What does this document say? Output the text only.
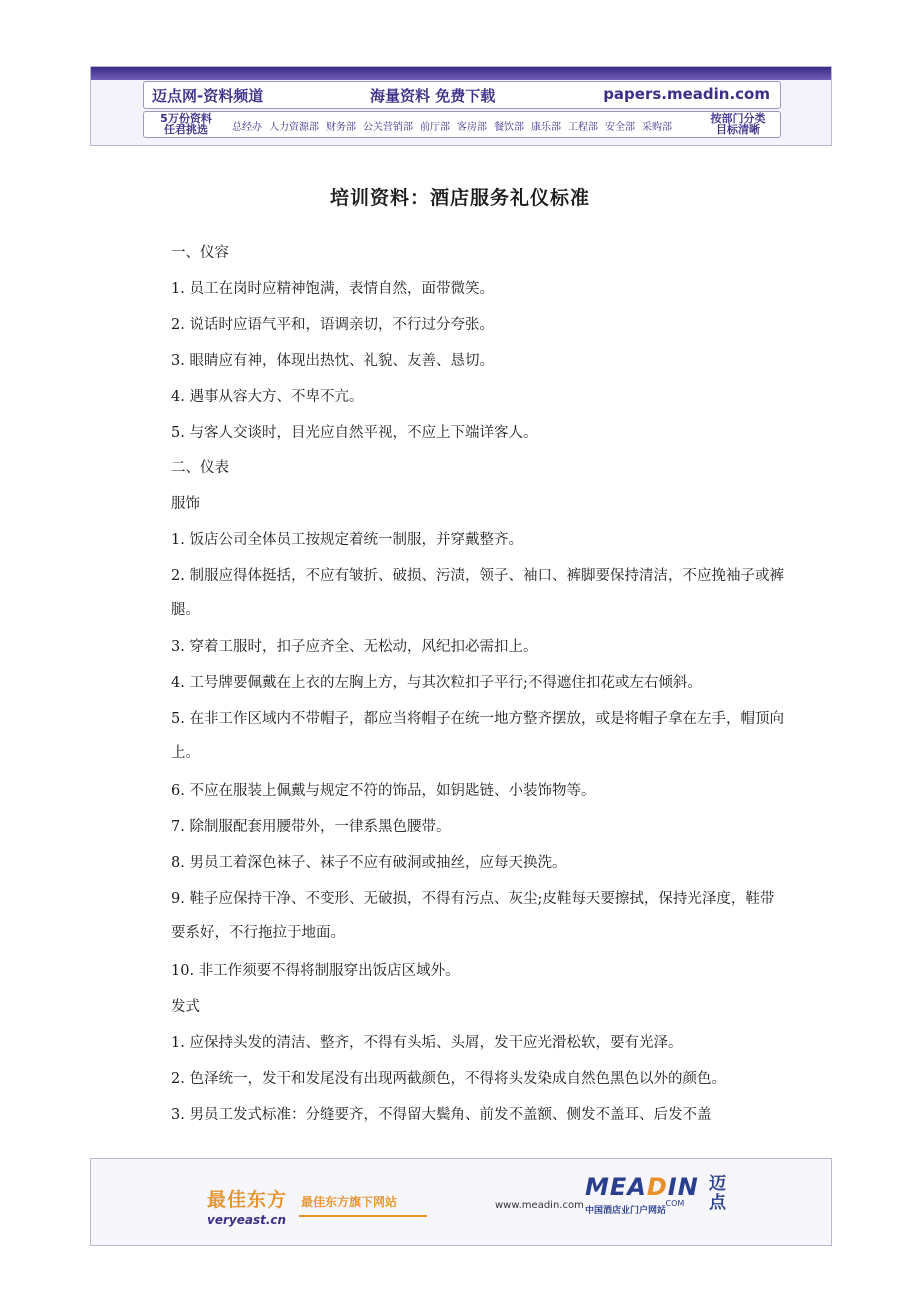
迈点网-资料频道	海量资料 免费下载	papers.meadin.com
5万份资料
任君挑选	总经办 人力资源部 财务部 公关营销部 前厅部 客房部 餐饮部 康乐部 工程部 安全部 采购部
按部门分类
目标清晰
培训资料：酒店服务礼仪标准
一、仪容
1. 员工在岗时应精神饱满，表情自然，面带微笑。
2. 说话时应语气平和，语调亲切，不行过分夸张。
3. 眼睛应有神，体现出热忱、礼貌、友善、恳切。
4. 遇事从容大方、不卑不亢。
5. 与客人交谈时，目光应自然平视，不应上下端详客人。
二、仪表
服饰
1. 饭店公司全体员工按规定着统一制服，并穿戴整齐。
2. 制服应得体挺括，不应有皱折、破损、污渍，领子、袖口、裤脚要保持清洁，不应挽袖子或裤腿。
3. 穿着工服时，扣子应齐全、无松动，风纪扣必需扣上。
4. 工号牌要佩戴在上衣的左胸上方，与其次粒扣子平行;不得遮住扣花或左右倾斜。
5. 在非工作区域内不带帽子，都应当将帽子在统一地方整齐摆放，或是将帽子拿在左手，帽顶向上。
6. 不应在服装上佩戴与规定不符的饰品，如钥匙链、小装饰物等。
7. 除制服配套用腰带外，一律系黑色腰带。
8. 男员工着深色袜子、袜子不应有破洞或抽丝，应每天换洗。
9. 鞋子应保持干净、不变形、无破损，不得有污点、灰尘;皮鞋每天要擦拭，保持光泽度，鞋带要系好，不行拖拉于地面。
10. 非工作须要不得将制服穿出饭店区域外。
发式
1. 应保持头发的清洁、整齐，不得有头垢、头屑，发干应光滑松软，要有光泽。
2. 色泽统一，发干和发尾没有出现两截颜色，不得将头发染成自然色黑色以外的颜色。
3. 男员工发式标准：分缝要齐，不得留大鬓角、前发不盖额、侧发不盖耳、后发不盖
最佳东方
veryeast.cn
最佳东方旗下网站	www.meadin.com
MEADIN
.COM
中国酒店业门户网站
迈点
